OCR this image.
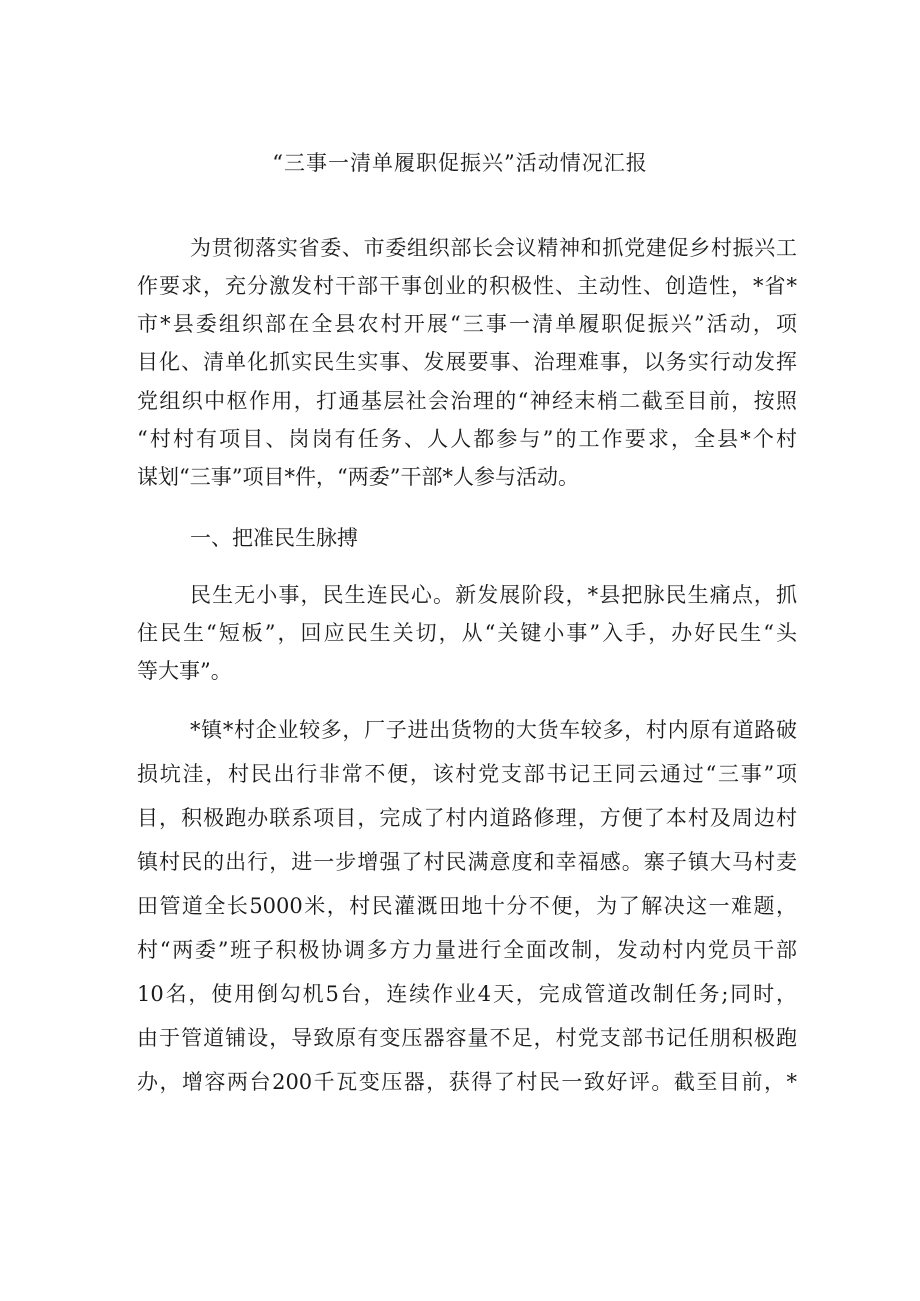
“三事一清单履职促振兴”活动情况汇报
为贯彻落实省委、市委组织部长会议精神和抓党建促乡村振兴工
作要求，充分激发村干部干事创业的积极性、主动性、创造性，*省*
市*县委组织部在全县农村开展“三事一清单履职促振兴”活动，项
目化、清单化抓实民生实事、发展要事、治理难事，以务实行动发挥
党组织中枢作用，打通基层社会治理的“神经末梢二截至目前，按照
“村村有项目、岗岗有任务、人人都参与”的工作要求，全县*个村
谋划“三事”项目*件，“两委”干部*人参与活动。
一、把准民生脉搏
民生无小事，民生连民心。新发展阶段，*县把脉民生痛点，抓
住民生“短板”，回应民生关切，从“关键小事”入手，办好民生“头
等大事”。
*镇*村企业较多，厂子进出货物的大货车较多，村内原有道路破
损坑洼，村民出行非常不便，该村党支部书记王同云通过“三事”项
目，积极跑办联系项目，完成了村内道路修理，方便了本村及周边村
镇村民的出行，进一步增强了村民满意度和幸福感。寨子镇大马村麦
田管道全长5000米，村民灌溉田地十分不便，为了解决这一难题，
村“两委”班子积极协调多方力量进行全面改制，发动村内党员干部
10名，使用倒勾机5台，连续作业4天，完成管道改制任务;同时，
由于管道铺设，导致原有变压器容量不足，村党支部书记任朋积极跑
办，增容两台200千瓦变压器，获得了村民一致好评。截至目前，*
